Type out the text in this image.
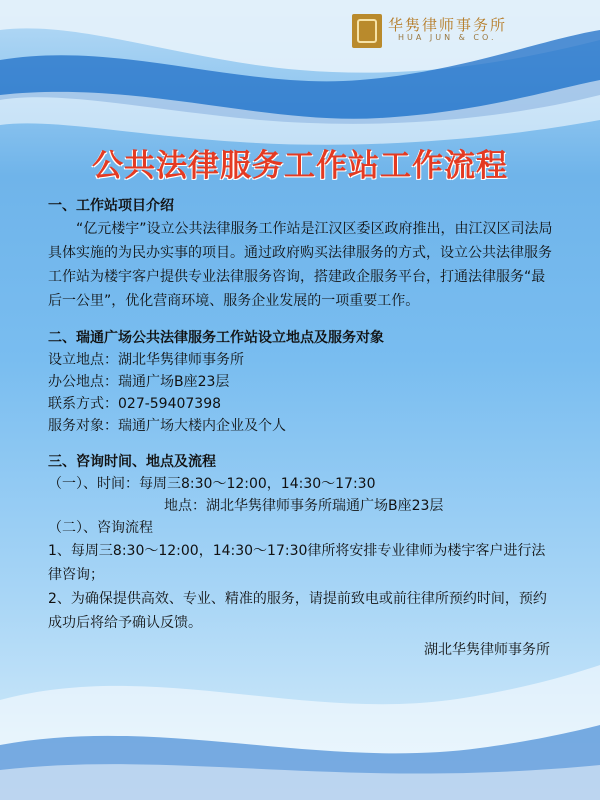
华隽律师事务所
HUA JUN & CO.
公共法律服务工作站工作流程
一、工作站项目介绍
“亿元楼宇”设立公共法律服务工作站是江汉区委区政府推出，由江汉区司法局具体实施的为民办实事的项目。通过政府购买法律服务的方式，设立公共法律服务工作站为楼宇客户提供专业法律服务咨询，搭建政企服务平台，打通法律服务“最后一公里”，优化营商环境、服务企业发展的一项重要工作。
二、瑞通广场公共法律服务工作站设立地点及服务对象
设立地点：湖北华隽律师事务所
办公地点：瑞通广场B座23层
联系方式：027-59407398
服务对象：瑞通广场大楼内企业及个人
三、咨询时间、地点及流程
（一）、时间：每周三8:30～12:00，14:30～17:30
地点：湖北华隽律师事务所瑞通广场B座23层
（二）、咨询流程
1、每周三8:30～12:00，14:30～17:30律所将安排专业律师为楼宇客户进行法律咨询；
2、为确保提供高效、专业、精准的服务，请提前致电或前往律所预约时间，预约成功后将给予确认反馈。
湖北华隽律师事务所
